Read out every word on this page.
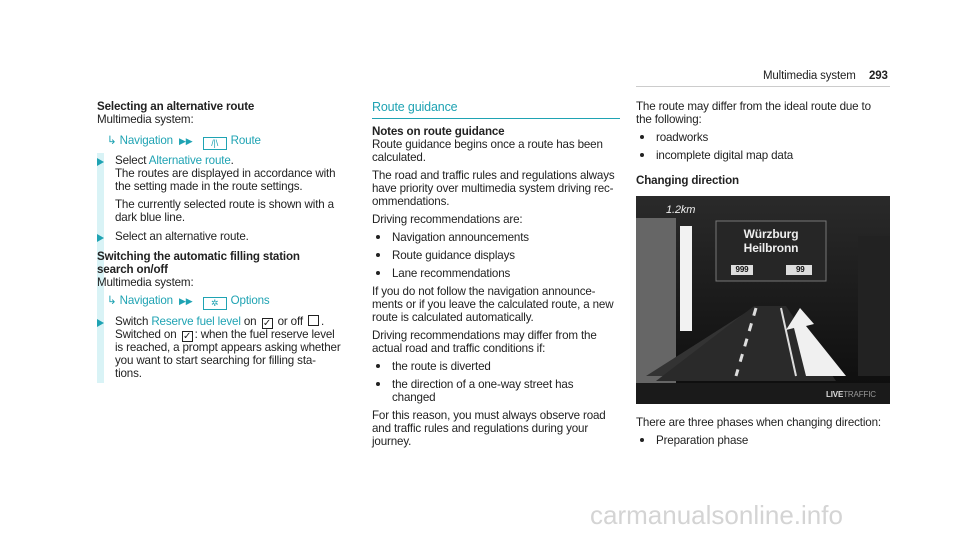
Multimedia system 293
Selecting an alternative route
Multimedia system:
↳ Navigation ▶▶ /|\ Route
Select Alternative route.
The routes are displayed in accordance with
the setting made in the route settings.
The currently selected route is shown with a
dark blue line.
Select an alternative route.
Switching the automatic filling station
search on/off
Multimedia system:
↳ Navigation ▶▶ ✲ Options
Switch Reserve fuel level on ✓ or off .
Switched on ✓ : when the fuel reserve level
is reached, a prompt appears asking whether
you want to start searching for filling sta-
tions.
Route guidance
Notes on route guidance
Route guidance begins once a route has been
calculated.
The road and traffic rules and regulations always
have priority over multimedia system driving rec-
ommendations.
Driving recommendations are:
Navigation announcements
Route guidance displays
Lane recommendations
If you do not follow the navigation announce-
ments or if you leave the calculated route, a new
route is calculated automatically.
Driving recommendations may differ from the
actual road and traffic conditions if:
the route is diverted
the direction of a one-way street has
changed
For this reason, you must always observe road
and traffic rules and regulations during your
journey.
The route may differ from the ideal route due to
the following:
roadworks
incomplete digital map data
Changing direction
1.2km
Würzburg
Heilbronn
999	99
LIVETRAFFIC
There are three phases when changing direction:
Preparation phase
carmanualsonline.info
